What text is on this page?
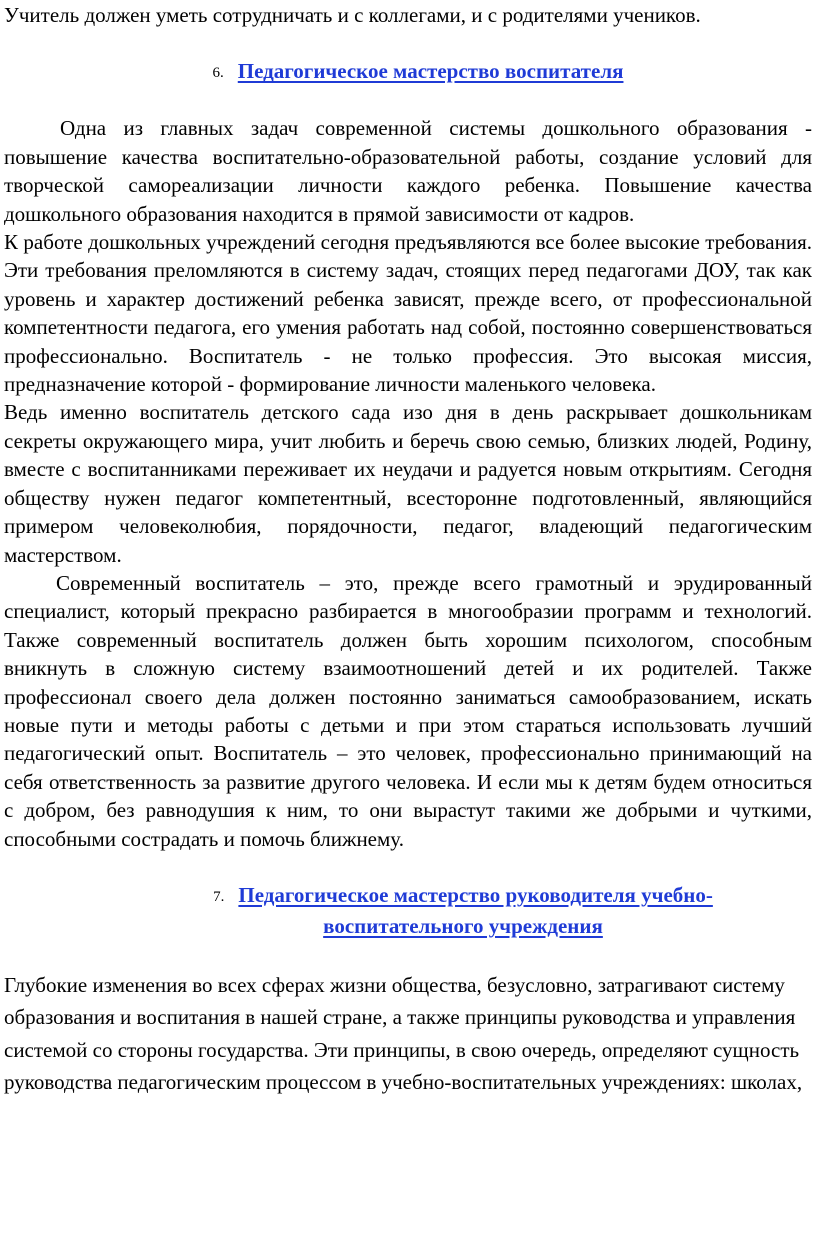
Учитель должен уметь сотрудничать и с коллегами, и с родителями учеников.

6. Педагогическое мастерство воспитателя

Одна из главных задач современной системы дошкольного образования - повышение качества воспитательно-образовательной работы, создание условий для творческой самореализации личности каждого ребенка. Повышение качества дошкольного образования находится в прямой зависимости от кадров.

К работе дошкольных учреждений сегодня предъявляются все более высокие требования. Эти требования преломляются в систему задач, стоящих перед педагогами ДОУ, так как уровень и характер достижений ребенка зависят, прежде всего, от профессиональной компетентности педагога, его умения работать над собой, постоянно совершенствоваться профессионально. Воспитатель - не только профессия. Это высокая миссия, предназначение которой - формирование личности маленького человека.

Ведь именно воспитатель детского сада изо дня в день раскрывает дошкольникам секреты окружающего мира, учит любить и беречь свою семью, близких людей, Родину, вместе с воспитанниками переживает их неудачи и радуется новым открытиям. Сегодня обществу нужен педагог компетентный, всесторонне подготовленный, являющийся примером человеколюбия, порядочности, педагог, владеющий педагогическим мастерством.

Современный воспитатель – это, прежде всего грамотный и эрудированный специалист, который прекрасно разбирается в многообразии программ и технологий. Также современный воспитатель должен быть хорошим психологом, способным вникнуть в сложную систему взаимоотношений детей и их родителей. Также профессионал своего дела должен постоянно заниматься самообразованием, искать новые пути и методы работы с детьми и при этом стараться использовать лучший педагогический опыт. Воспитатель – это человек, профессионально принимающий на себя ответственность за развитие другого человека. И если мы к детям будем относиться с добром, без равнодушия к ним, то они вырастут такими же добрыми и чуткими, способными сострадать и помочь ближнему.

7. Педагогическое мастерство руководителя учебно-воспитательного учреждения

Глубокие изменения во всех сферах жизни общества, безусловно, затрагивают систему образования и воспитания в нашей стране, а также принципы руководства и управления системой со стороны государства. Эти принципы, в свою очередь, определяют сущность руководства педагогическим процессом в учебно-воспитательных учреждениях: школах,
